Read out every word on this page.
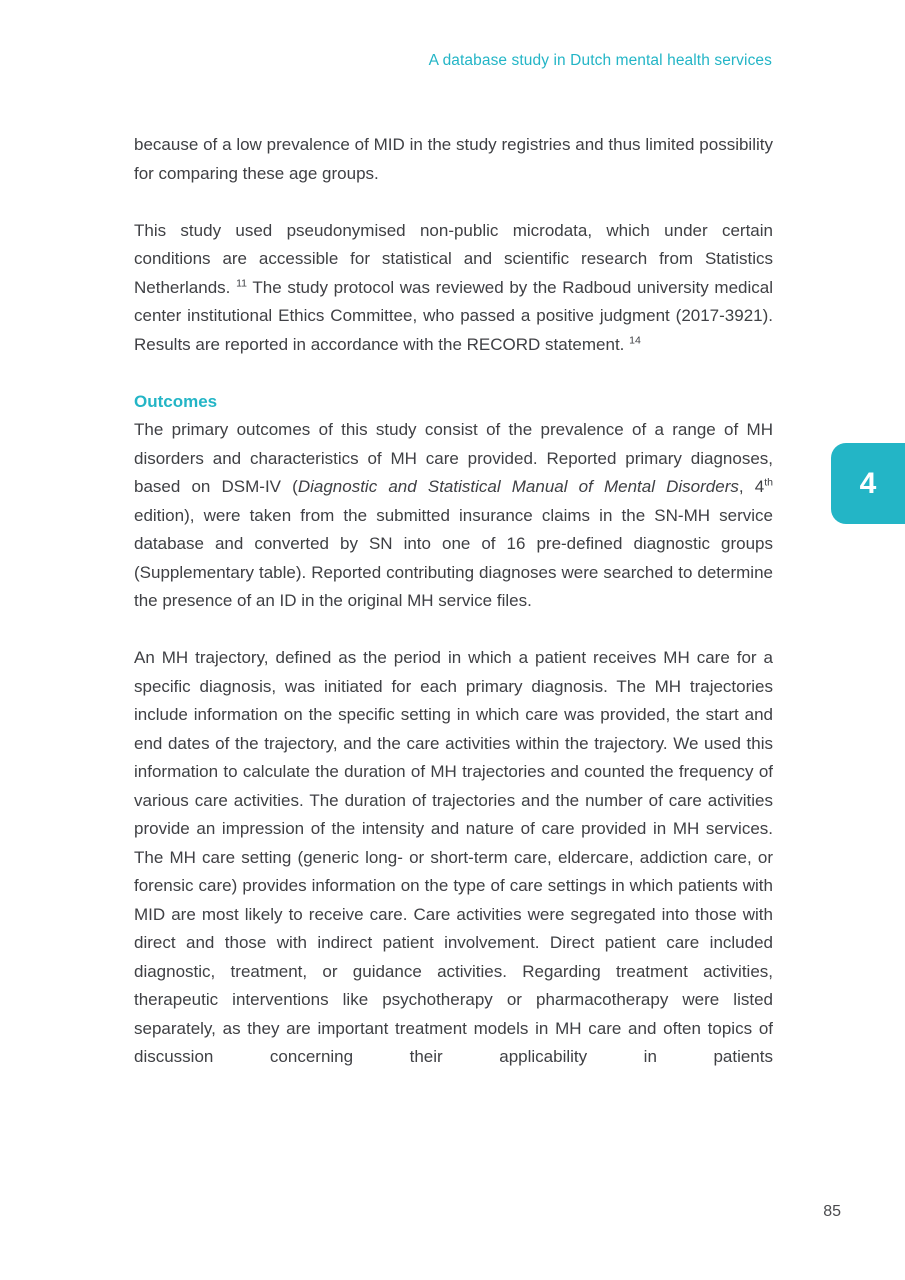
A database study in Dutch mental health services

because of a low prevalence of MID in the study registries and thus limited possibility for comparing these age groups.

This study used pseudonymised non-public microdata, which under certain conditions are accessible for statistical and scientific research from Statistics Netherlands. $^{11}$ The study protocol was reviewed by the Radboud university medical center institutional Ethics Committee, who passed a positive judgment (2017-3921). Results are reported in accordance with the RECORD statement. $^{14}$

Outcomes

The primary outcomes of this study consist of the prevalence of a range of MH disorders and characteristics of MH care provided. Reported primary diagnoses, based on DSM-IV (Diagnostic and Statistical Manual of Mental Disorders, 4th edition), were taken from the submitted insurance claims in the SN-MH service database and converted by SN into one of 16 pre-defined diagnostic groups (Supplementary table). Reported contributing diagnoses were searched to determine the presence of an ID in the original MH service files.

An MH trajectory, defined as the period in which a patient receives MH care for a specific diagnosis, was initiated for each primary diagnosis. The MH trajectories include information on the specific setting in which care was provided, the start and end dates of the trajectory, and the care activities within the trajectory. We used this information to calculate the duration of MH trajectories and counted the frequency of various care activities. The duration of trajectories and the number of care activities provide an impression of the intensity and nature of care provided in MH services. The MH care setting (generic long- or short-term care, eldercare, addiction care, or forensic care) provides information on the type of care settings in which patients with MID are most likely to receive care. Care activities were segregated into those with direct and those with indirect patient involvement. Direct patient care included diagnostic, treatment, or guidance activities. Regarding treatment activities, therapeutic interventions like psychotherapy or pharmacotherapy were listed separately, as they are important treatment models in MH care and often topics of discussion concerning their applicability in patients

4
85
